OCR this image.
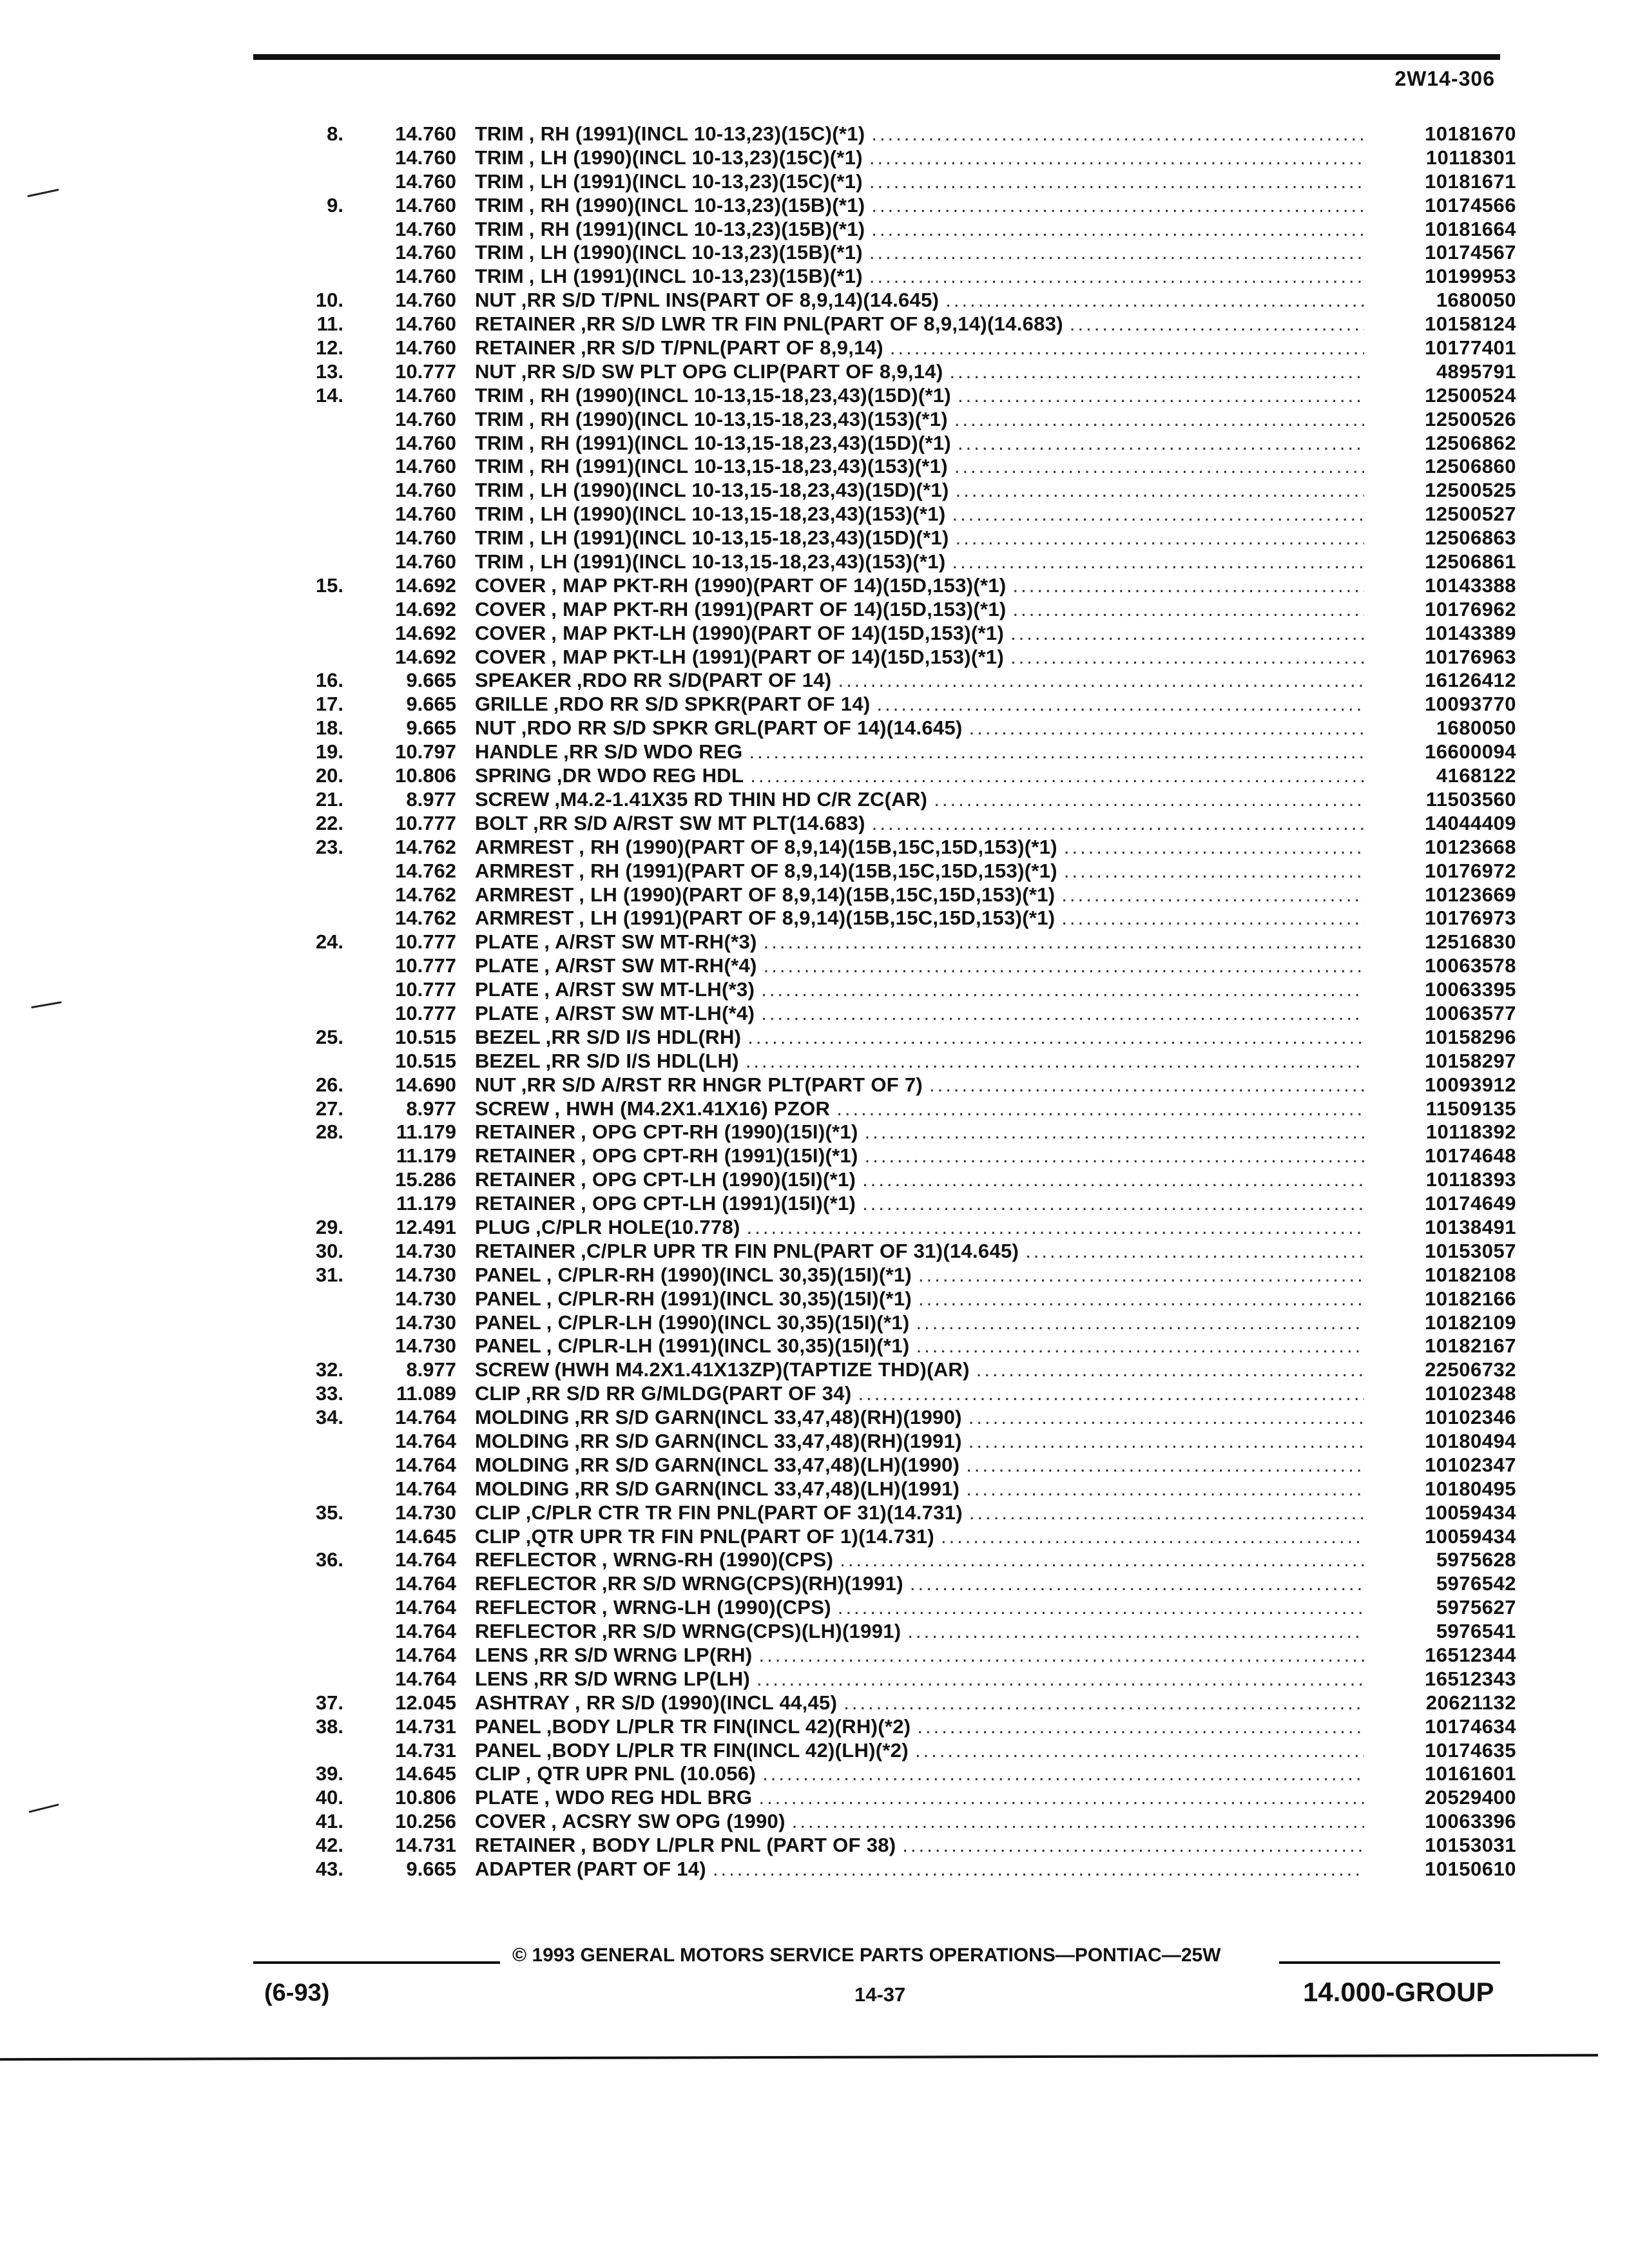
2W14-306
8.	14.760 TRIM , RH (1991)(INCL 10-13,23)(15C)(*1) .....	10181670
14.760 TRIM , LH (1990)(INCL 10-13,23)(15C)(*1) .....	10118301
14.760 TRIM , LH (1991)(INCL 10-13,23)(15C)(*1) .....	10181671
9.	14.760 TRIM , RH (1990)(INCL 10-13,23)(15B)(*1) .....	10174566
14.760 TRIM , RH (1991)(INCL 10-13,23)(15B)(*1) .....	10181664
14.760 TRIM , LH (1990)(INCL 10-13,23)(15B)(*1) .....	10174567
14.760 TRIM , LH (1991)(INCL 10-13,23)(15B)(*1) .....	10199953
10.	14.760 NUT ,RR S/D T/PNL INS(PART OF 8,9,14)(14.645) .....	1680050
11.	14.760 RETAINER ,RR S/D LWR TR FIN PNL(PART OF 8,9,14)(14.683) .....	10158124
12.	14.760 RETAINER ,RR S/D T/PNL(PART OF 8,9,14) .....	10177401
13.	10.777 NUT ,RR S/D SW PLT OPG CLIP(PART OF 8,9,14) .....	4895791
14.	14.760 TRIM , RH (1990)(INCL 10-13,15-18,23,43)(15D)(*1) .....	12500524
14.760 TRIM , RH (1990)(INCL 10-13,15-18,23,43)(153)(*1) .....	12500526
14.760 TRIM , RH (1991)(INCL 10-13,15-18,23,43)(15D)(*1) .....	12506862
14.760 TRIM , RH (1991)(INCL 10-13,15-18,23,43)(153)(*1) .....	12506860
14.760 TRIM , LH (1990)(INCL 10-13,15-18,23,43)(15D)(*1) .....	12500525
14.760 TRIM , LH (1990)(INCL 10-13,15-18,23,43)(153)(*1) .....	12500527
14.760 TRIM , LH (1991)(INCL 10-13,15-18,23,43)(15D)(*1) .....	12506863
14.760 TRIM , LH (1991)(INCL 10-13,15-18,23,43)(153)(*1) .....	12506861
15.	14.692 COVER , MAP PKT-RH (1990)(PART OF 14)(15D,153)(*1) .....	10143388
14.692 COVER , MAP PKT-RH (1991)(PART OF 14)(15D,153)(*1) .....	10176962
14.692 COVER , MAP PKT-LH (1990)(PART OF 14)(15D,153)(*1) .....	10143389
14.692 COVER , MAP PKT-LH (1991)(PART OF 14)(15D,153)(*1) .....	10176963
16.	9.665 SPEAKER ,RDO RR S/D(PART OF 14) .....	16126412
17.	9.665 GRILLE ,RDO RR S/D SPKR(PART OF 14) .....	10093770
18.	9.665 NUT ,RDO RR S/D SPKR GRL(PART OF 14)(14.645) .....	1680050
19.	10.797 HANDLE ,RR S/D WDO REG .....	16600094
20.	10.806 SPRING ,DR WDO REG HDL .....	4168122
21.	8.977 SCREW ,M4.2-1.41X35 RD THIN HD C/R ZC(AR) .....	11503560
22.	10.777 BOLT ,RR S/D A/RST SW MT PLT(14.683) .....	14044409
23.	14.762 ARMREST , RH (1990)(PART OF 8,9,14)(15B,15C,15D,153)(*1) .....	10123668
14.762 ARMREST , RH (1991)(PART OF 8,9,14)(15B,15C,15D,153)(*1) .....	10176972
14.762 ARMREST , LH (1990)(PART OF 8,9,14)(15B,15C,15D,153)(*1) .....	10123669
14.762 ARMREST , LH (1991)(PART OF 8,9,14)(15B,15C,15D,153)(*1) .....	10176973
24.	10.777 PLATE , A/RST SW MT-RH(*3) .....	12516830
10.777 PLATE , A/RST SW MT-RH(*4) .....	10063578
10.777 PLATE , A/RST SW MT-LH(*3) .....	10063395
10.777 PLATE , A/RST SW MT-LH(*4) .....	10063577
25.	10.515 BEZEL ,RR S/D I/S HDL(RH) .....	10158296
10.515 BEZEL ,RR S/D I/S HDL(LH) .....	10158297
26.	14.690 NUT ,RR S/D A/RST RR HNGR PLT(PART OF 7) .....	10093912
27.	8.977 SCREW , HWH (M4.2X1.41X16) PZOR .....	11509135
28.	11.179 RETAINER , OPG CPT-RH (1990)(15I)(*1) .....	10118392
11.179 RETAINER , OPG CPT-RH (1991)(15I)(*1) .....	10174648
15.286 RETAINER , OPG CPT-LH (1990)(15I)(*1) .....	10118393
11.179 RETAINER , OPG CPT-LH (1991)(15I)(*1) .....	10174649
29.	12.491 PLUG ,C/PLR HOLE(10.778) .....	10138491
30.	14.730 RETAINER ,C/PLR UPR TR FIN PNL(PART OF 31)(14.645) .....	10153057
31.	14.730 PANEL , C/PLR-RH (1990)(INCL 30,35)(15I)(*1) .....	10182108
14.730 PANEL , C/PLR-RH (1991)(INCL 30,35)(15I)(*1) .....	10182166
14.730 PANEL , C/PLR-LH (1990)(INCL 30,35)(15I)(*1) .....	10182109
14.730 PANEL , C/PLR-LH (1991)(INCL 30,35)(15I)(*1) .....	10182167
32.	8.977 SCREW (HWH M4.2X1.41X13ZP)(TAPTIZE THD)(AR) .....	22506732
33.	11.089 CLIP ,RR S/D RR G/MLDG(PART OF 34) .....	10102348
34.	14.764 MOLDING ,RR S/D GARN(INCL 33,47,48)(RH)(1990) .....	10102346
14.764 MOLDING ,RR S/D GARN(INCL 33,47,48)(RH)(1991) .....	10180494
14.764 MOLDING ,RR S/D GARN(INCL 33,47,48)(LH)(1990) .....	10102347
14.764 MOLDING ,RR S/D GARN(INCL 33,47,48)(LH)(1991) .....	10180495
35.	14.730 CLIP ,C/PLR CTR TR FIN PNL(PART OF 31)(14.731) .....	10059434
14.645 CLIP ,QTR UPR TR FIN PNL(PART OF 1)(14.731) .....	10059434
36.	14.764 REFLECTOR , WRNG-RH (1990)(CPS) .....	5975628
14.764 REFLECTOR ,RR S/D WRNG(CPS)(RH)(1991) .....	5976542
14.764 REFLECTOR , WRNG-LH (1990)(CPS) .....	5975627
14.764 REFLECTOR ,RR S/D WRNG(CPS)(LH)(1991) .....	5976541
14.764 LENS ,RR S/D WRNG LP(RH) .....	16512344
14.764 LENS ,RR S/D WRNG LP(LH) .....	16512343
37.	12.045 ASHTRAY , RR S/D (1990)(INCL 44,45) .....	20621132
38.	14.731 PANEL ,BODY L/PLR TR FIN(INCL 42)(RH)(*2) .....	10174634
14.731 PANEL ,BODY L/PLR TR FIN(INCL 42)(LH)(*2) .....	10174635
39.	14.645 CLIP , QTR UPR PNL (10.056) .....	10161601
40.	10.806 PLATE , WDO REG HDL BRG .....	20529400
41.	10.256 COVER , ACSRY SW OPG (1990) .....	10063396
42.	14.731 RETAINER , BODY L/PLR PNL (PART OF 38) .....	10153031
43.	9.665 ADAPTER (PART OF 14) .....	10150610
© 1993 GENERAL MOTORS SERVICE PARTS OPERATIONS—PONTIAC—25W
(6-93)	14-37	14.000-GROUP
